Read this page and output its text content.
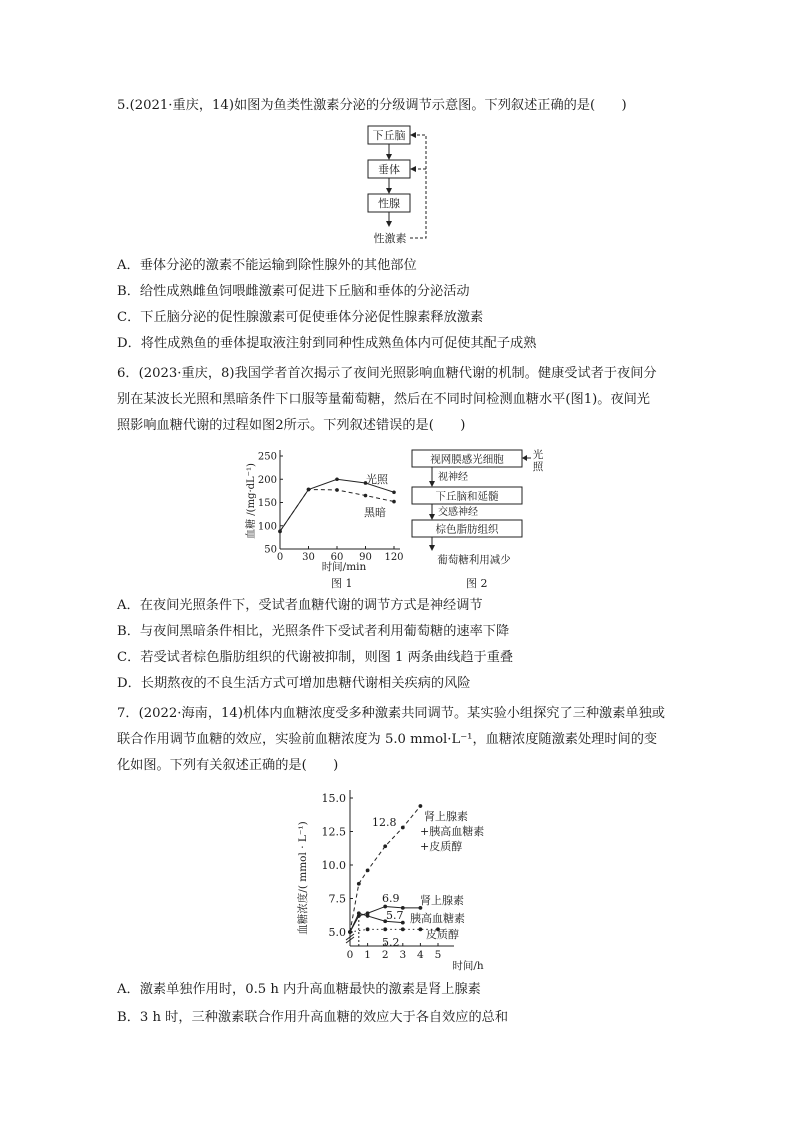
5.(2021·重庆，14)如图为鱼类性激素分泌的分级调节示意图。下列叙述正确的是(　　)
下丘脑
垂体
性腺
性激素
A．垂体分泌的激素不能运输到除性腺外的其他部位
B．给性成熟雌鱼饲喂雌激素可促进下丘脑和垂体的分泌活动
C．下丘脑分泌的促性腺激素可促使垂体分泌促性腺素释放激素
D．将性成熟鱼的垂体提取液注射到同种性成熟鱼体内可促使其配子成熟
6．(2023·重庆，8)我国学者首次揭示了夜间光照影响血糖代谢的机制。健康受试者于夜间分
别在某波长光照和黑暗条件下口服等量葡萄糖，然后在不同时间检测血糖水平(图1)。夜间光
照影响血糖代谢的过程如图2所示。下列叙述错误的是(　　)
0 30 60 90 120
50
100
150
200
250
时间/min
血糖 /(mg·dL⁻¹)	光照
黑暗
图 1
视网膜感光细胞	光
照
视神经
下丘脑和延髓
交感神经
棕色脂肪组织
葡萄糖利用减少
图 2
A．在夜间光照条件下，受试者血糖代谢的调节方式是神经调节
B．与夜间黑暗条件相比，光照条件下受试者利用葡萄糖的速率下降
C．若受试者棕色脂肪组织的代谢被抑制，则图 1 两条曲线趋于重叠
D．长期熬夜的不良生活方式可增加患糖代谢相关疾病的风险
7．(2022·海南，14)机体内血糖浓度受多种激素共同调节。某实验小组探究了三种激素单独或
联合作用调节血糖的效应，实验前血糖浓度为 5.0 mmol·L⁻¹，血糖浓度随激素处理时间的变
化如图。下列有关叙述正确的是(　　)
0 1 2 3 4 5
5.0
7.5
10.0
12.5
15.0
时间/h
血糖浓度/( mmol · L⁻¹)
肾上腺素
+胰高血糖素
+皮质醇
肾上腺素
胰高血糖素
皮质醇
12.8
6.9
5.7
5.2
A．激素单独作用时，0.5 h 内升高血糖最快的激素是肾上腺素
B．3 h 时，三种激素联合作用升高血糖的效应大于各自效应的总和
